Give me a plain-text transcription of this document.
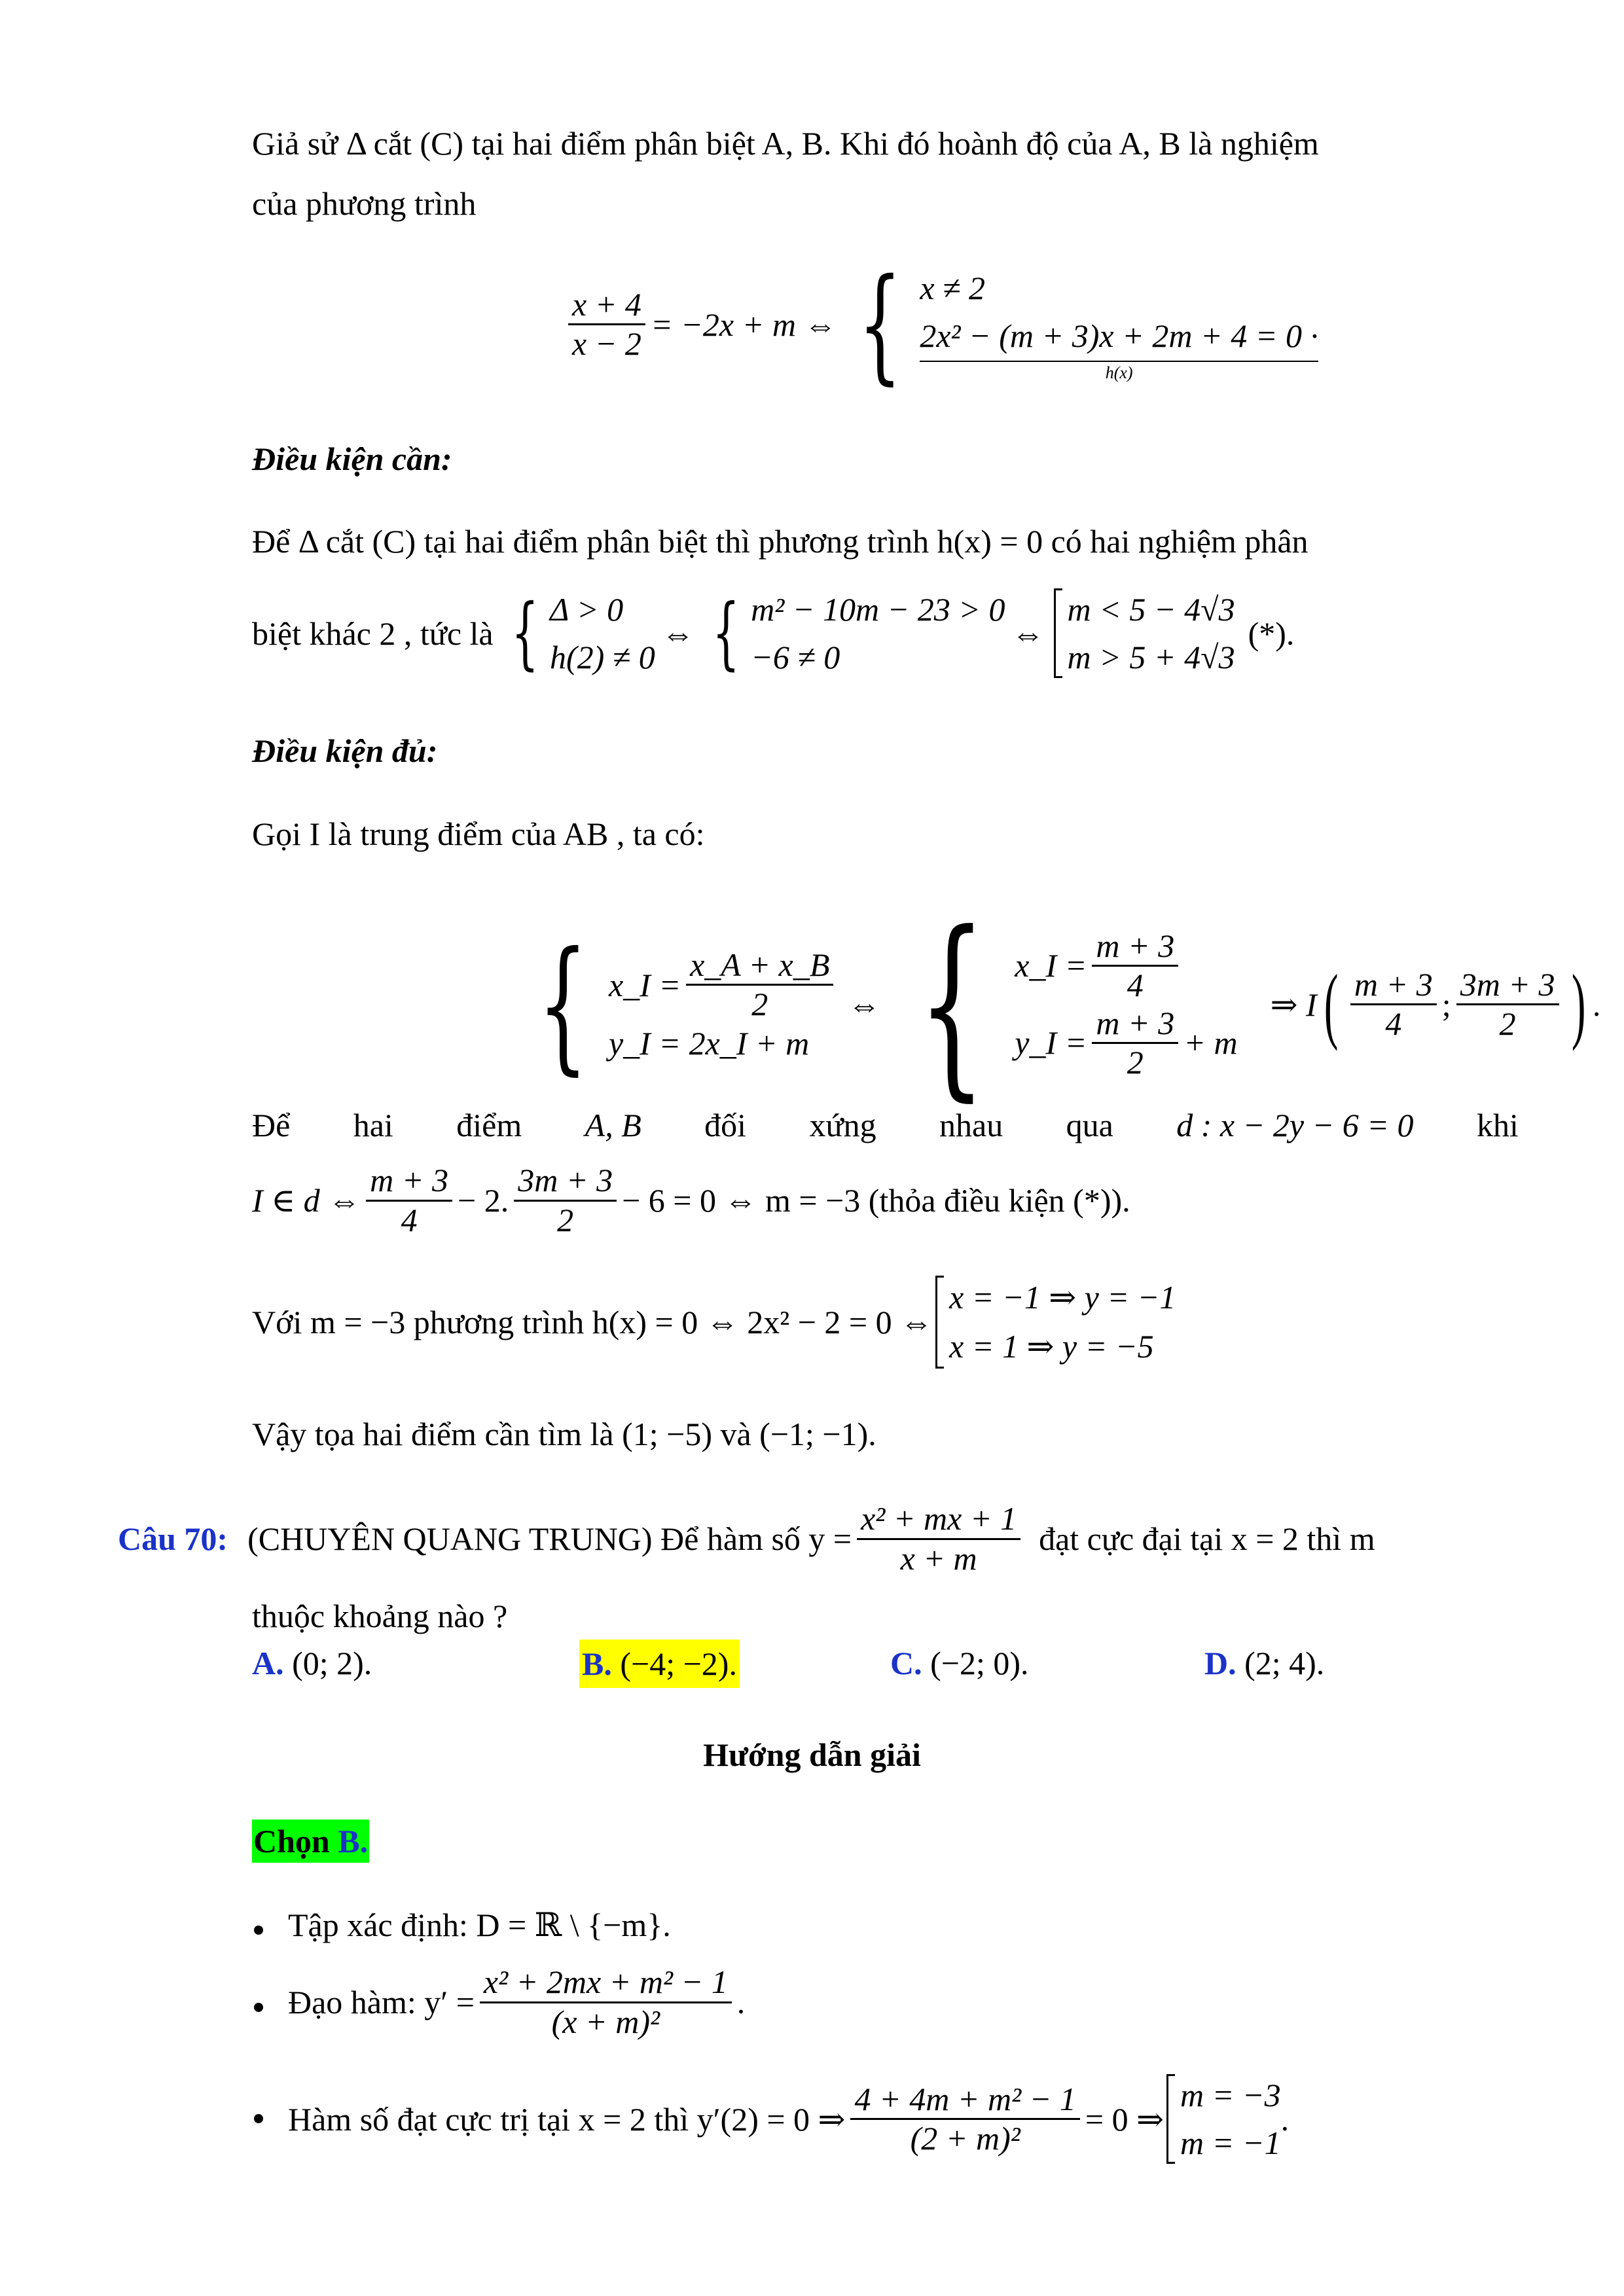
Giả sử Δ cắt (C) tại hai điểm phân biệt A, B. Khi đó hoành độ của A, B là nghiệm
của phương trình
$\frac{x + 4}{x - 2} = -2x + m$ ⇔ { x ≠ 2
2x² − (m + 3)x + 2m + 4 = 0 ·
h(x)
Điều kiện cần:
Để Δ cắt (C) tại hai điểm phân biệt thì phương trình h(x) = 0 có hai nghiệm phân
biệt khác 2 , tức là { Δ > 0
h(2) ≠ 0
⇔ { m² − 10m − 23 > 0
−6 ≠ 0
⇔
m < 5 − 4√3
m > 5 + 4√3
(*).
Điều kiện đủ:
Gọi I là trung điểm của AB , ta có:
{ x_I = $\frac{x\_A + x\_B}{2}$
y_I = 2x_I + m
⇔ { x_I = $\frac{m + 3}{4}$
y_I = $\frac{m + 3}{2} + m$
⇒ I ( $\frac{m + 3}{4}$ ; $\frac{3m + 3}{2}$ ) .
Để hai điểm A, B đối xứng nhau qua d : x − 2y − 6 = 0 khi
I ∈ d ⇔ $\frac{m + 3}{4} - 2$. $\frac{3m + 3}{2} - 6 = 0$ ⇔ m = −3 (thỏa điều kiện (*)).
Với m = −3 phương trình h(x) = 0 ⇔ 2x² − 2 = 0 ⇔
x = −1 ⇒ y = −1
x = 1 ⇒ y = −5
Vậy tọa hai điểm cần tìm là (1; −5) và (−1; −1).
Câu 70: (CHUYÊN QUANG TRUNG) Để hàm số $y = \frac{\text{x² + mx + 1}}{x + m}$ đạt cực đại tại x = 2 thì m
thuộc khoảng nào ?
A. (0; 2).	B. (−4; −2).	C. (−2; 0).	D. (2; 4).
Hướng dẫn giải
Chọn B.
Tập xác định: D = ℝ \ {−m}.
Đạo hàm: $y' = \frac{\text{x² + 2mx + m² − 1}}{\text{(x + m)²}}$ .
Hàm số đạt cực trị tại x = 2 thì y′(2) = 0 ⇒ $\frac{\text{4 + 4m + m² − 1}}{\text{(2 + m)²}} = 0$ ⇒
m = −3
m = −1
.
